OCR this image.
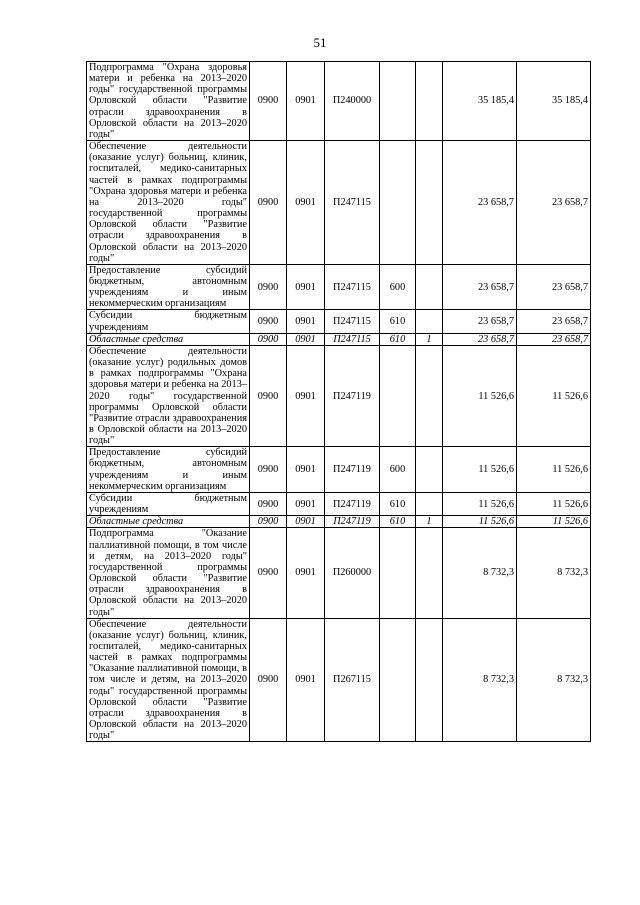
51
Подпрограмма "Охрана здоровья матери и ребенка на 2013–2020 годы" государственной программы Орловской области "Развитие отрасли здравоохранения в Орловской области на 2013–2020 годы"	0900	0901	П240000			35 185,4	35 185,4
Обеспечение деятельности (оказание услуг) больниц, клиник, госпиталей, медико-санитарных частей в рамках подпрограммы "Охрана здоровья матери и ребенка на 2013–2020 годы" государственной программы Орловской области "Развитие отрасли здравоохранения в Орловской области на 2013–2020 годы"	0900	0901	П247115			23 658,7	23 658,7
Предоставление субсидий бюджетным, автономным учреждениям и иным некоммерческим организациям	0900	0901	П247115	600		23 658,7	23 658,7
Субсидии бюджетным учреждениям	0900	0901	П247115	610		23 658,7	23 658,7
Областные средства	0900	0901	П247115	610	1	23 658,7	23 658,7
Обеспечение деятельности (оказание услуг) родильных домов в рамках подпрограммы "Охрана здоровья матери и ребенка на 2013–2020 годы" государственной программы Орловской области "Развитие отрасли здравоохранения в Орловской области на 2013–2020 годы"	0900	0901	П247119			11 526,6	11 526,6
Предоставление субсидий бюджетным, автономным учреждениям и иным некоммерческим организациям	0900	0901	П247119	600		11 526,6	11 526,6
Субсидии бюджетным учреждениям	0900	0901	П247119	610		11 526,6	11 526,6
Областные средства	0900	0901	П247119	610	1	11 526,6	11 526,6
Подпрограмма "Оказание паллиативной помощи, в том числе и детям, на 2013–2020 годы" государственной программы Орловской области "Развитие отрасли здравоохранения в Орловской области на 2013–2020 годы"	0900	0901	П260000			8 732,3	8 732,3
Обеспечение деятельности (оказание услуг) больниц, клиник, госпиталей, медико-санитарных частей в рамках подпрограммы "Оказание паллиативной помощи, в том числе и детям, на 2013–2020 годы" государственной программы Орловской области "Развитие отрасли здравоохранения в Орловской области на 2013–2020 годы"	0900	0901	П267115			8 732,3	8 732,3
